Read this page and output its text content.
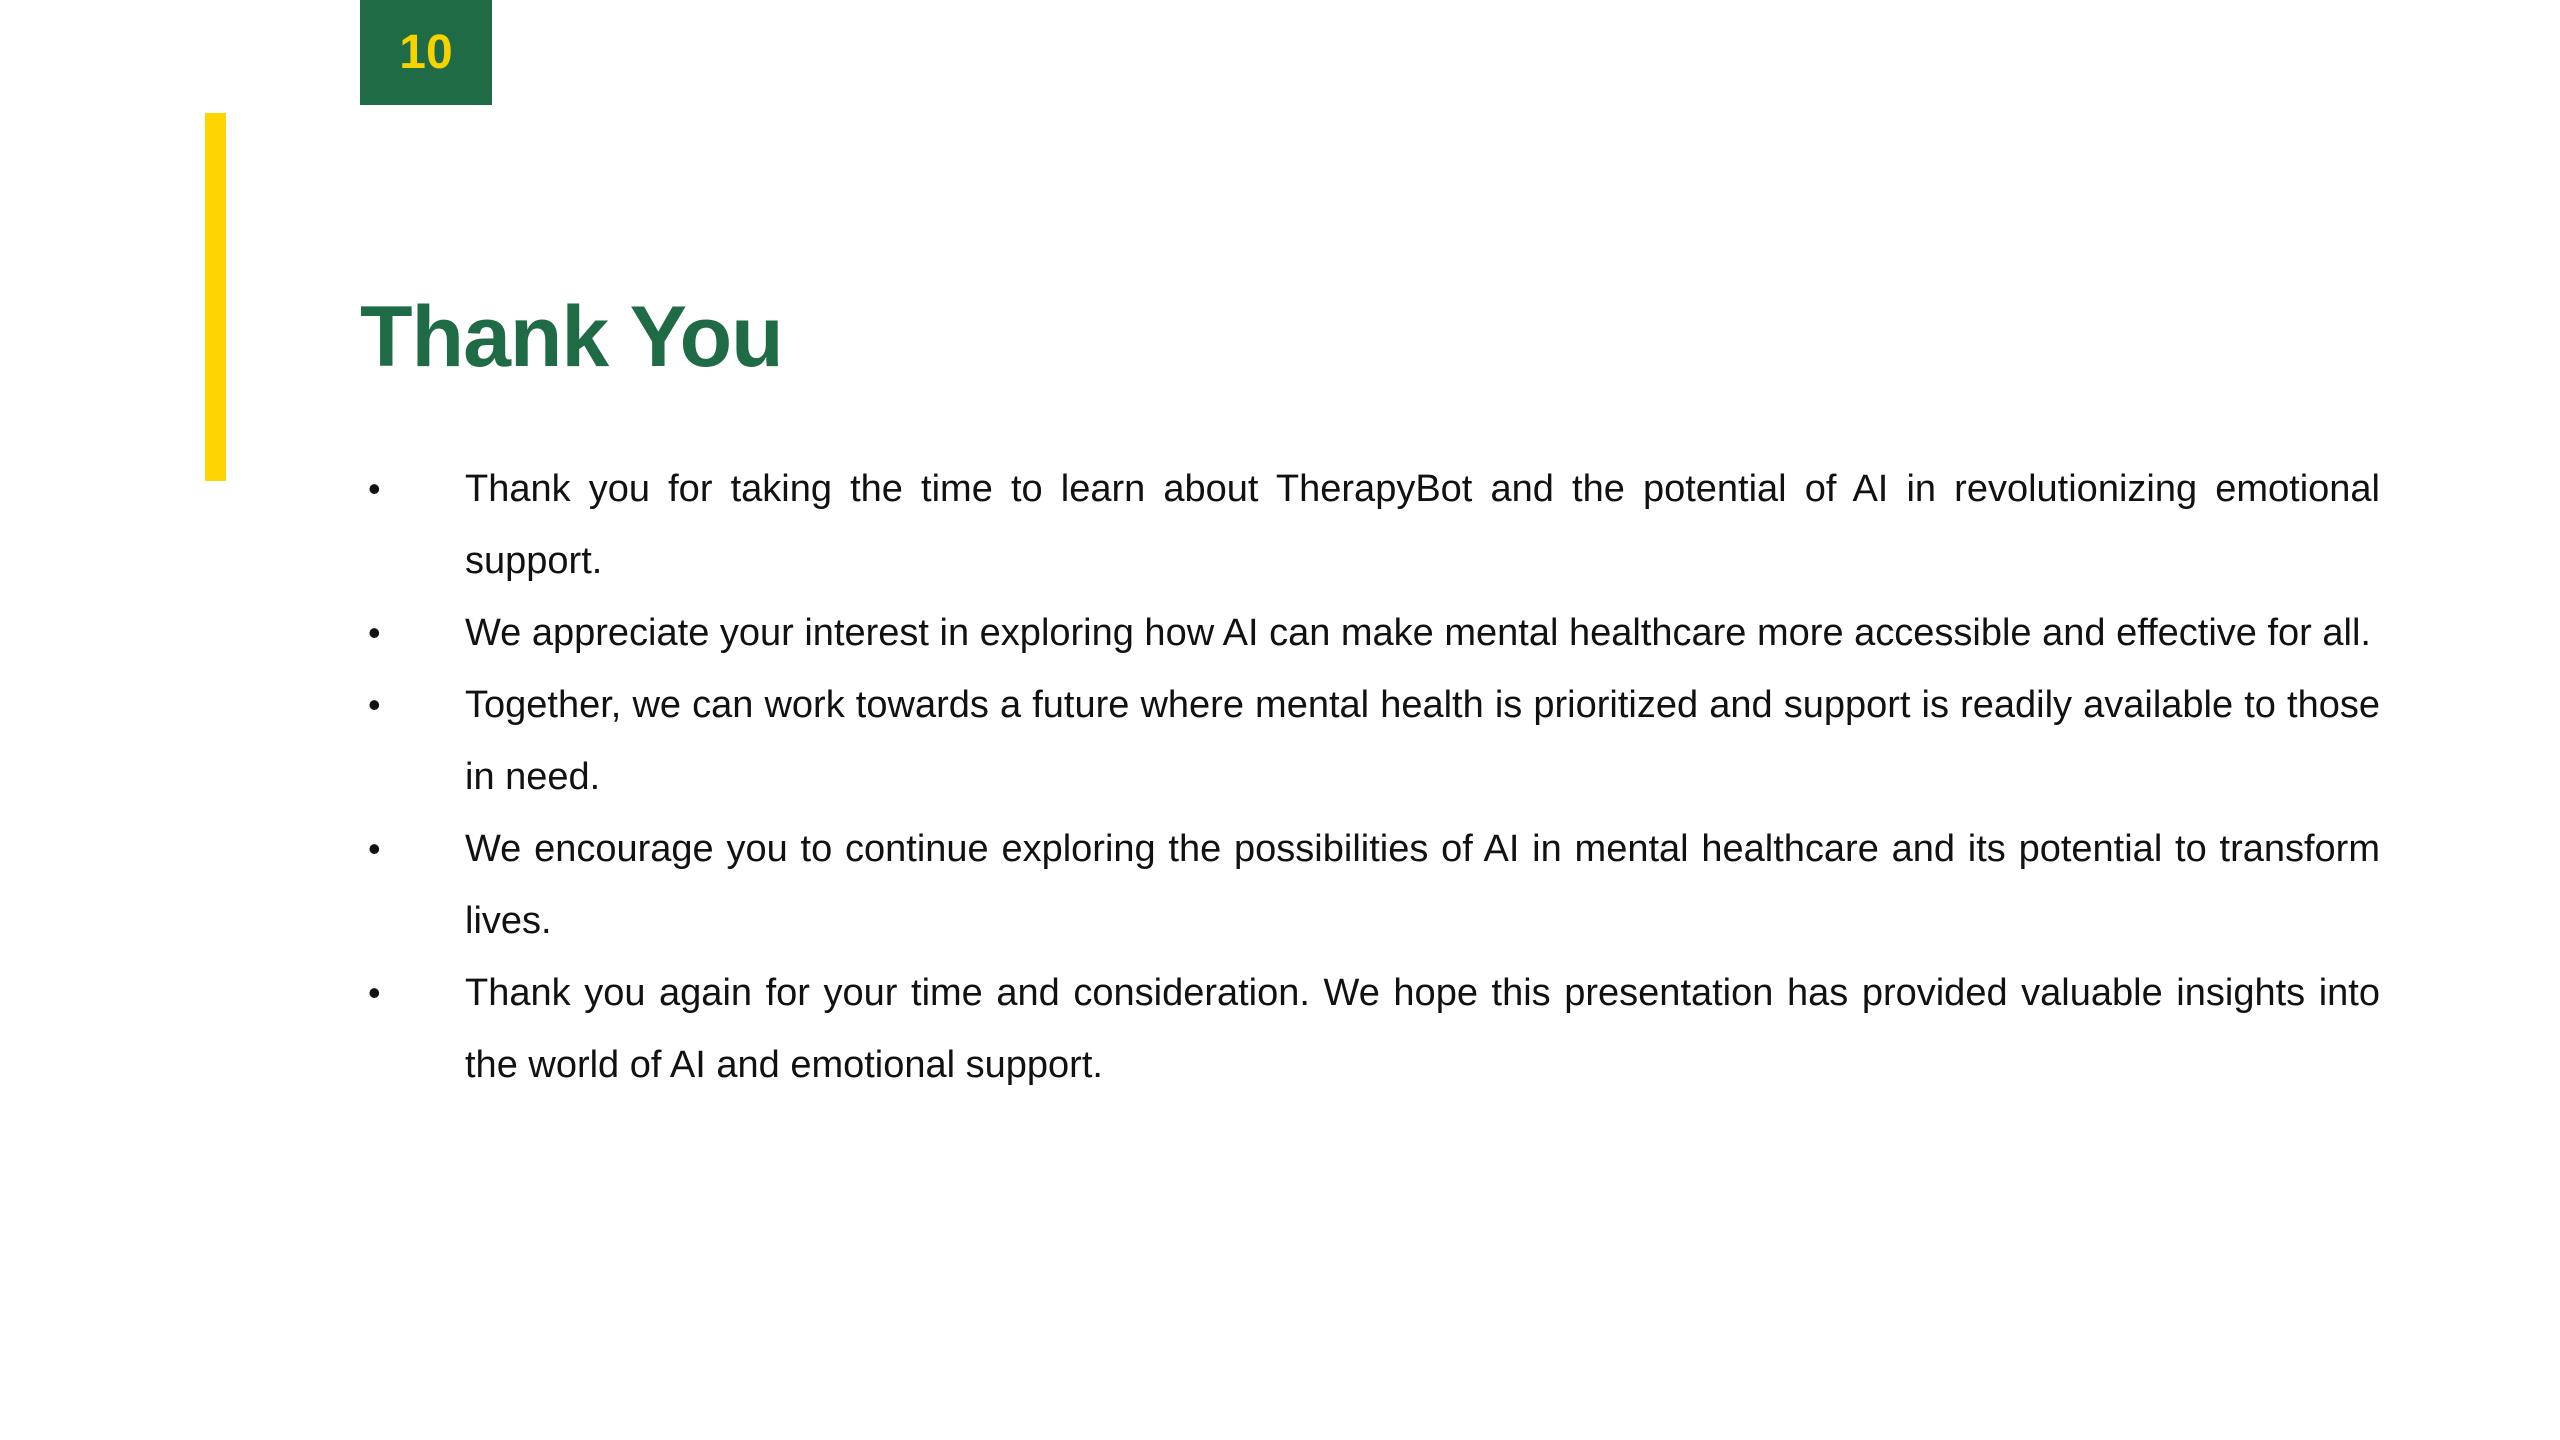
10
Thank You
•	Thank you for taking the time to learn about TherapyBot and the potential of AI in revolutionizing emotional support.
•	We appreciate your interest in exploring how AI can make mental healthcare more accessible and effective for all.
•	Together, we can work towards a future where mental health is prioritized and support is readily available to those in need.
•	We encourage you to continue exploring the possibilities of AI in mental healthcare and its potential to transform lives.
•	Thank you again for your time and consideration. We hope this presentation has provided valuable insights into the world of AI and emotional support.
